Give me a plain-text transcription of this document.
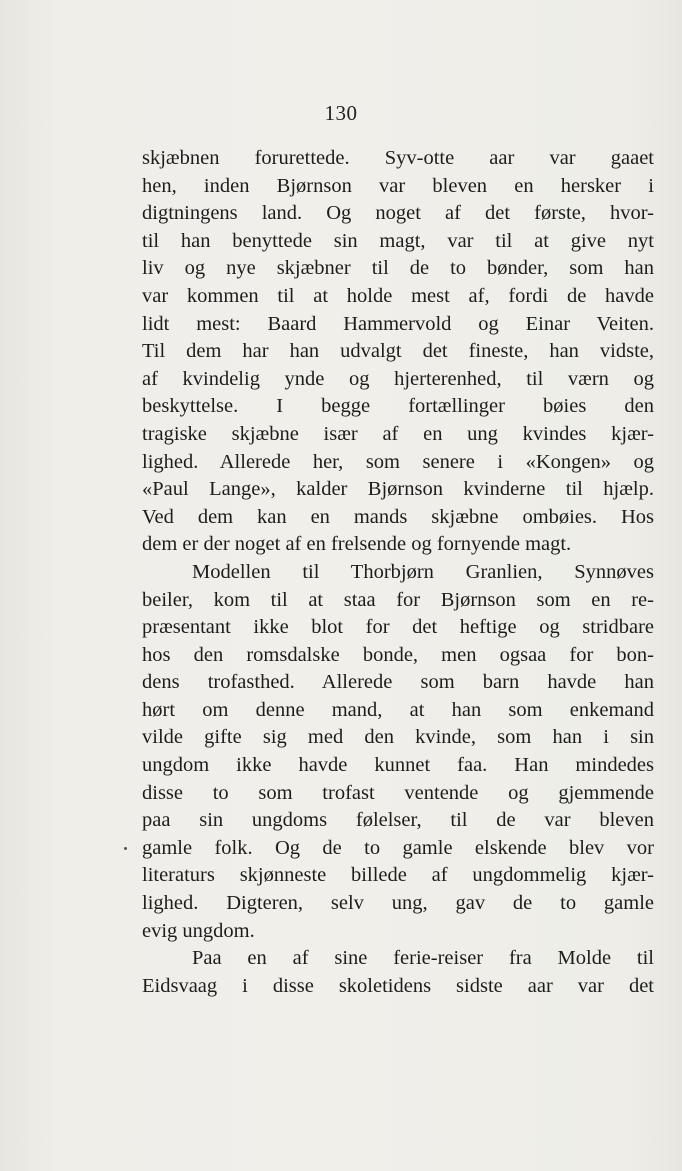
130
skjæbnen forurettede. Syv-otte aar var gaaet
hen, inden Bjørnson var bleven en hersker i
digtningens land. Og noget af det første, hvor-
til han benyttede sin magt, var til at give nyt
liv og nye skjæbner til de to bønder, som han
var kommen til at holde mest af, fordi de havde
lidt mest: Baard Hammervold og Einar Veiten.
Til dem har han udvalgt det fineste, han vidste,
af kvindelig ynde og hjerterenhed, til værn og
beskyttelse. I begge fortællinger bøies den
tragiske skjæbne især af en ung kvindes kjær-
lighed. Allerede her, som senere i «Kongen» og
«Paul Lange», kalder Bjørnson kvinderne til hjælp.
Ved dem kan en mands skjæbne ombøies. Hos
dem er der noget af en frelsende og fornyende magt.
Modellen til Thorbjørn Granlien, Synnøves
beiler, kom til at staa for Bjørnson som en re-
præsentant ikke blot for det heftige og stridbare
hos den romsdalske bonde, men ogsaa for bon-
dens trofasthed. Allerede som barn havde han
hørt om denne mand, at han som enkemand
vilde gifte sig med den kvinde, som han i sin
ungdom ikke havde kunnet faa. Han mindedes
disse to som trofast ventende og gjemmende
paa sin ungdoms følelser, til de var bleven
gamle folk. Og de to gamle elskende blev vor
literaturs skjønneste billede af ungdommelig kjær-
lighed. Digteren, selv ung, gav de to gamle
evig ungdom.
Paa en af sine ferie-reiser fra Molde til
Eidsvaag i disse skoletidens sidste aar var det
